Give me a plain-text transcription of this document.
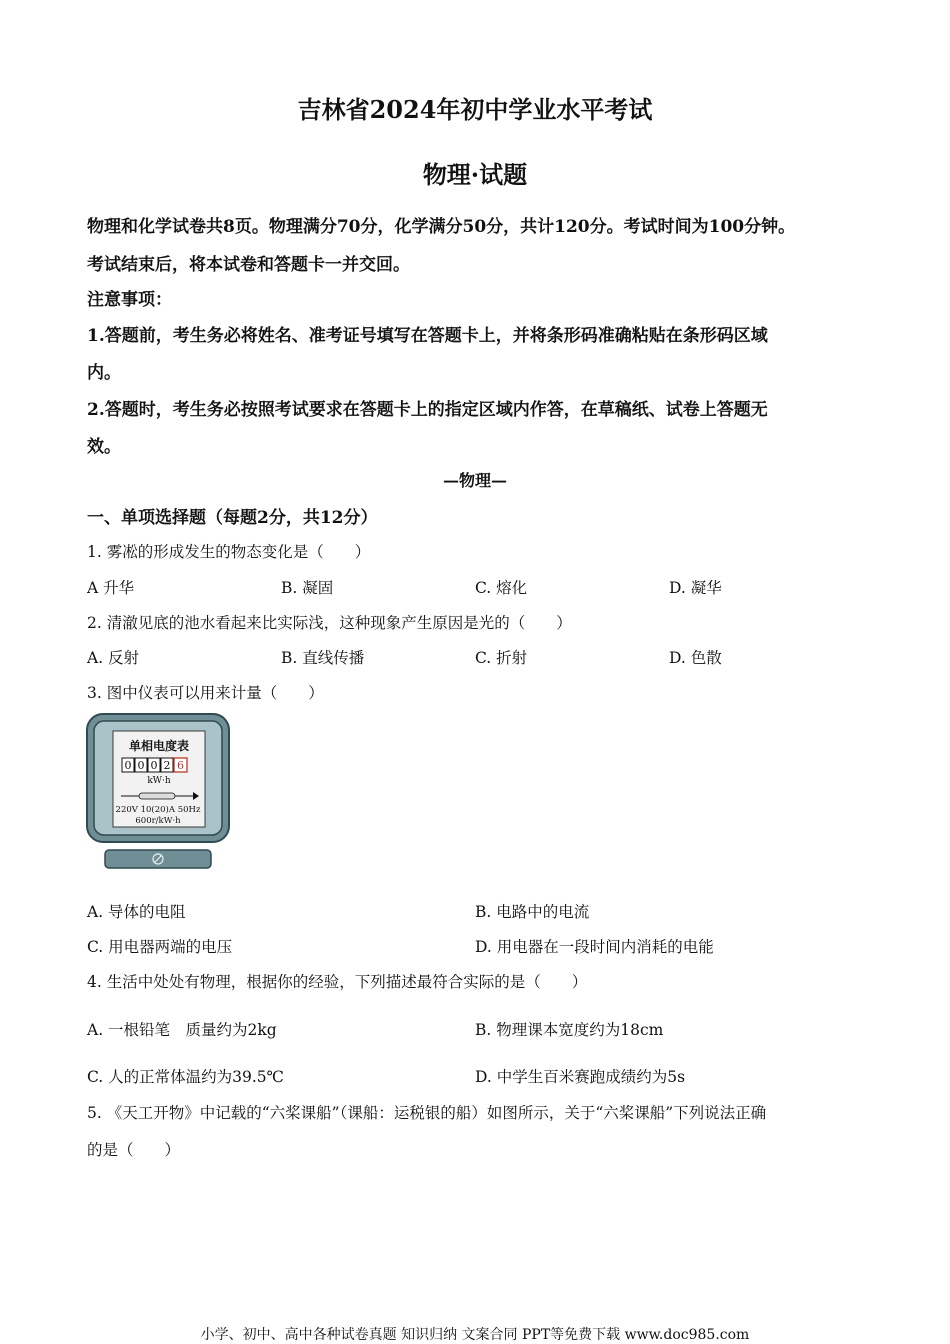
吉林省2024年初中学业水平考试
物理·试题
物理和化学试卷共8页。物理满分70分，化学满分50分，共计120分。考试时间为100分钟。
考试结束后，将本试卷和答题卡一并交回。
注意事项：
1.答题前，考生务必将姓名、准考证号填写在答题卡上，并将条形码准确粘贴在条形码区域
内。
2.答题时，考生务必按照考试要求在答题卡上的指定区域内作答，在草稿纸、试卷上答题无
效。
—物理—
一、单项选择题（每题2分，共12分）
1. 雾凇的形成发生的物态变化是（　　）
A 升华	B. 凝固	C. 熔化	D. 凝华
2. 清澈见底的池水看起来比实际浅，这种现象产生原因是光的（　　）
A. 反射	B. 直线传播	C. 折射	D. 色散
3. 图中仪表可以用来计量（　　）
单相电度表
0 0 0 2 6
kW·h
220V 10(20)A 50Hz
600r/kW·h
A. 导体的电阻	B. 电路中的电流
C. 用电器两端的电压	D. 用电器在一段时间内消耗的电能
4. 生活中处处有物理，根据你的经验，下列描述最符合实际的是（　　）
A. 一根铅笔　质量约为2kg	B. 物理课本宽度约为18cm
C. 人的正常体温约为39.5℃	D. 中学生百米赛跑成绩约为5s
5. 《天工开物》中记载的“六桨课船”（课船：运税银的船）如图所示，关于“六桨课船”下列说法正确
的是（　　）
小学、初中、高中各种试卷真题 知识归纳 文案合同 PPT等免费下载 www.doc985.com
